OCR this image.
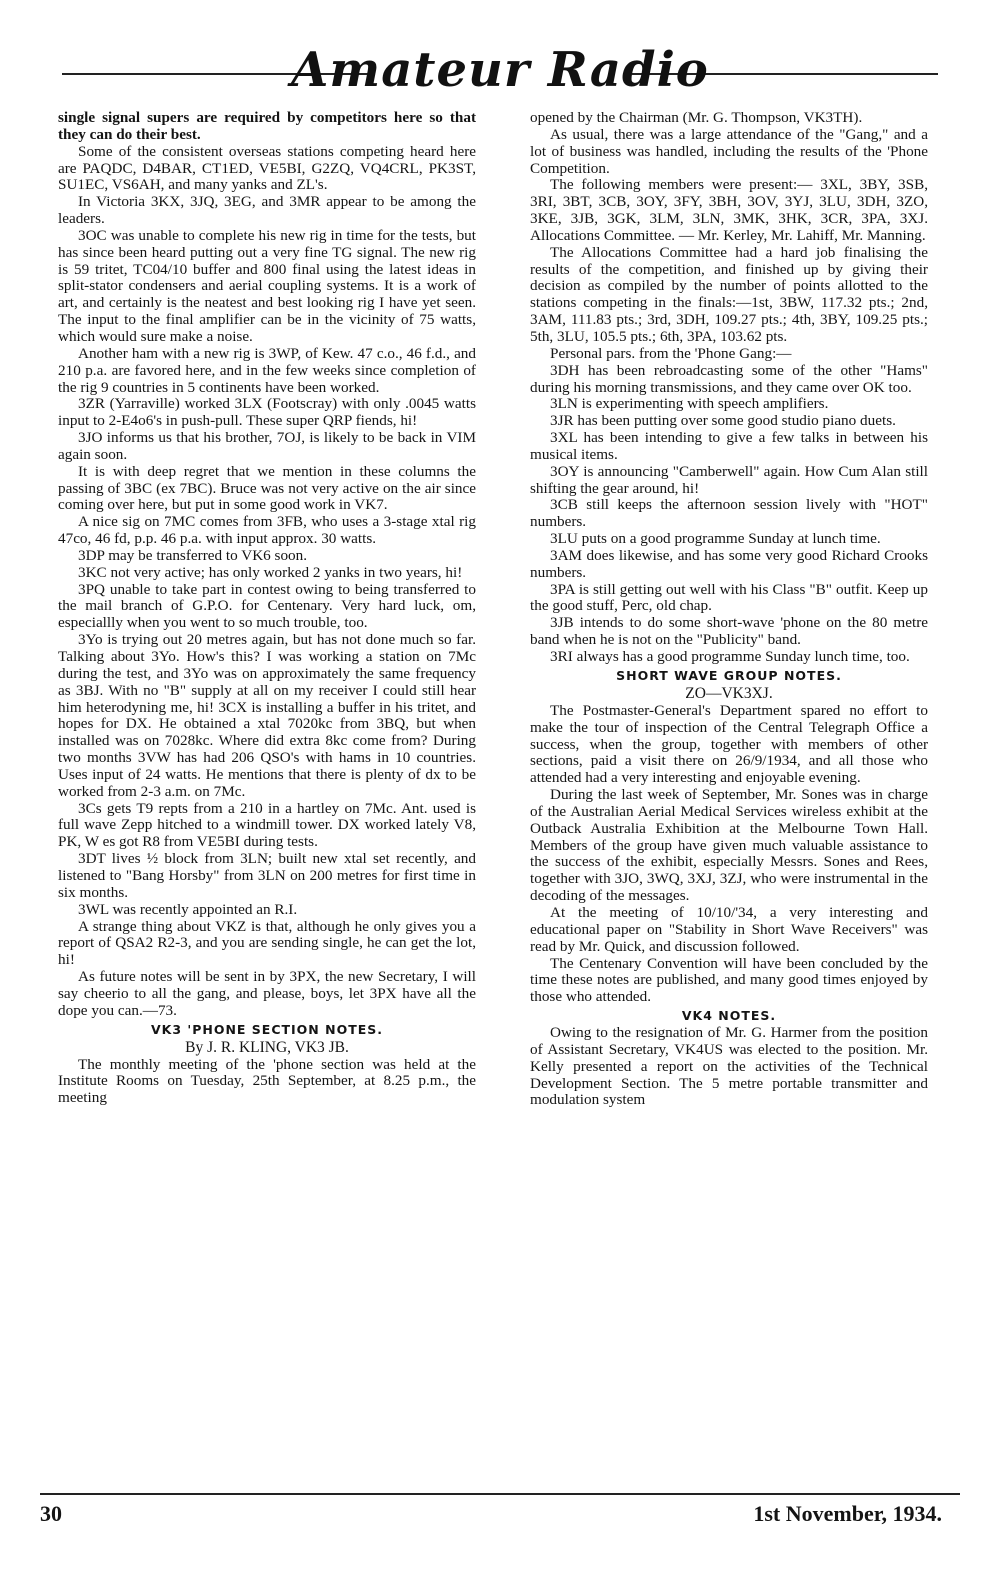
Amateur Radio

single signal supers are required by competitors here so that they can do their best.

Some of the consistent overseas stations competing heard here are PAQDC, D4BAR, CT1ED, VE5BI, G2ZQ, VQ4CRL, PK3ST, SU1EC, VS6AH, and many yanks and ZL's.

In Victoria 3KX, 3JQ, 3EG, and 3MR appear to be among the leaders.

3OC was unable to complete his new rig in time for the tests, but has since been heard putting out a very fine TG signal. The new rig is 59 tritet, TC04/10 buffer and 800 final using the latest ideas in split-stator condensers and aerial coupling systems. It is a work of art, and certainly is the neatest and best looking rig I have yet seen. The input to the final amplifier can be in the vicinity of 75 watts, which would sure make a noise.

Another ham with a new rig is 3WP, of Kew. 47 c.o., 46 f.d., and 210 p.a. are favored here, and in the few weeks since completion of the rig 9 countries in 5 continents have been worked.

3ZR (Yarraville) worked 3LX (Footscray) with only .0045 watts input to 2-E4o6's in push-pull. These super QRP fiends, hi!

3JO informs us that his brother, 7OJ, is likely to be back in VIM again soon.

It is with deep regret that we mention in these columns the passing of 3BC (ex 7BC). Bruce was not very active on the air since coming over here, but put in some good work in VK7.

A nice sig on 7MC comes from 3FB, who uses a 3-stage xtal rig 47co, 46 fd, p.p. 46 p.a. with input approx. 30 watts.

3DP may be transferred to VK6 soon.

3KC not very active; has only worked 2 yanks in two years, hi!

3PQ unable to take part in contest owing to being transferred to the mail branch of G.P.O. for Centenary. Very hard luck, om, especiallly when you went to so much trouble, too.

3Yo is trying out 20 metres again, but has not done much so far. Talking about 3Yo. How's this? I was working a station on 7Mc during the test, and 3Yo was on approximately the same frequency as 3BJ. With no "B" supply at all on my receiver I could still hear him heterodyning me, hi! 3CX is installing a buffer in his tritet, and hopes for DX. He obtained a xtal 7020kc from 3BQ, but when installed was on 7028kc. Where did extra 8kc come from? During two months 3VW has had 206 QSO's with hams in 10 countries. Uses input of 24 watts. He mentions that there is plenty of dx to be worked from 2-3 a.m. on 7Mc.

3Cs gets T9 repts from a 210 in a hartley on 7Mc. Ant. used is full wave Zepp hitched to a windmill tower. DX worked lately V8, PK, W es got R8 from VE5BI during tests.

3DT lives ½ block from 3LN; built new xtal set recently, and listened to "Bang Horsby" from 3LN on 200 metres for first time in six months.

3WL was recently appointed an R.I.

A strange thing about VKZ is that, although he only gives you a report of QSA2 R2-3, and you are sending single, he can get the lot, hi!

As future notes will be sent in by 3PX, the new Secretary, I will say cheerio to all the gang, and please, boys, let 3PX have all the dope you can.—73.

VK3 'PHONE SECTION NOTES.
By J. R. KLING, VK3 JB.

The monthly meeting of the 'phone section was held at the Institute Rooms on Tuesday, 25th September, at 8.25 p.m., the meeting

opened by the Chairman (Mr. G. Thompson, VK3TH).

As usual, there was a large attendance of the "Gang," and a lot of business was handled, including the results of the 'Phone Competition.

The following members were present:— 3XL, 3BY, 3SB, 3RI, 3BT, 3CB, 3OY, 3FY, 3BH, 3OV, 3YJ, 3LU, 3DH, 3ZO, 3KE, 3JB, 3GK, 3LM, 3LN, 3MK, 3HK, 3CR, 3PA, 3XJ. Allocations Committee. — Mr. Kerley, Mr. Lahiff, Mr. Manning.

The Allocations Committee had a hard job finalising the results of the competition, and finished up by giving their decision as compiled by the number of points allotted to the stations competing in the finals:—1st, 3BW, 117.32 pts.; 2nd, 3AM, 111.83 pts.; 3rd, 3DH, 109.27 pts.; 4th, 3BY, 109.25 pts.; 5th, 3LU, 105.5 pts.; 6th, 3PA, 103.62 pts.

Personal pars. from the 'Phone Gang:—

3DH has been rebroadcasting some of the other "Hams" during his morning transmissions, and they came over OK too.

3LN is experimenting with speech amplifiers.

3JR has been putting over some good studio piano duets.

3XL has been intending to give a few talks in between his musical items.

3OY is announcing "Camberwell" again. How Cum Alan still shifting the gear around, hi!

3CB still keeps the afternoon session lively with "HOT" numbers.

3LU puts on a good programme Sunday at lunch time.

3AM does likewise, and has some very good Richard Crooks numbers.

3PA is still getting out well with his Class "B" outfit. Keep up the good stuff, Perc, old chap.

3JB intends to do some short-wave 'phone on the 80 metre band when he is not on the "Publicity" band.

3RI always has a good programme Sunday lunch time, too.

SHORT WAVE GROUP NOTES.
ZO—VK3XJ.

The Postmaster-General's Department spared no effort to make the tour of inspection of the Central Telegraph Office a success, when the group, together with members of other sections, paid a visit there on 26/9/1934, and all those who attended had a very interesting and enjoyable evening.

During the last week of September, Mr. Sones was in charge of the Australian Aerial Medical Services wireless exhibit at the Outback Australia Exhibition at the Melbourne Town Hall. Members of the group have given much valuable assistance to the success of the exhibit, especially Messrs. Sones and Rees, together with 3JO, 3WQ, 3XJ, 3ZJ, who were instrumental in the decoding of the messages.

At the meeting of 10/10/'34, a very interesting and educational paper on "Stability in Short Wave Receivers" was read by Mr. Quick, and discussion followed.

The Centenary Convention will have been concluded by the time these notes are published, and many good times enjoyed by those who attended.

VK4 NOTES.

Owing to the resignation of Mr. G. Harmer from the position of Assistant Secretary, VK4US was elected to the position. Mr. Kelly presented a report on the activities of the Technical Development Section. The 5 metre portable transmitter and modulation system

30	1st November, 1934.
